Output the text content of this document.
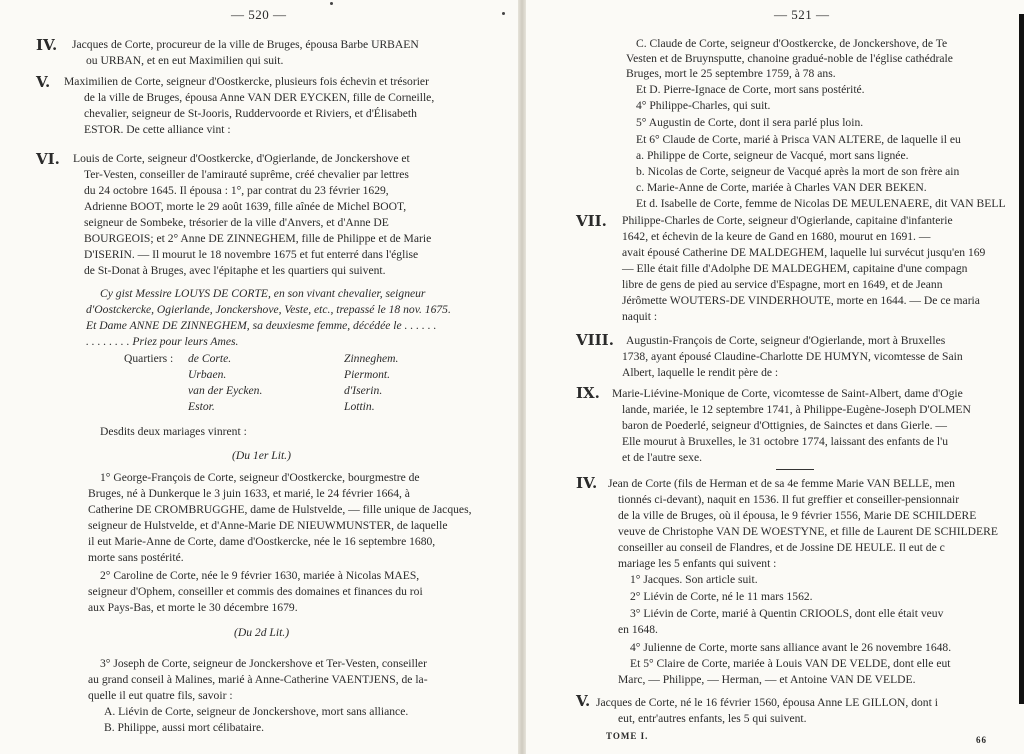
— 520 —
IV. Jacques de Corte, procureur de la ville de Bruges, épousa Barbe URBAEN

ou URBAN, et en eut Maximilien qui suit.

V. Maximilien de Corte, seigneur d'Oostkercke, plusieurs fois échevin et trésorier

de la ville de Bruges, épousa Anne VAN DER EYCKEN, fille de Corneille,

chevalier, seigneur de St-Jooris, Ruddervoorde et Riviers, et d'Élisabeth

ESTOR. De cette alliance vint :

VI. Louis de Corte, seigneur d'Oostkercke, d'Ogierlande, de Jonckershove et

Ter-Vesten, conseiller de l'amirauté suprême, créé chevalier par lettres

du 24 octobre 1645. Il épousa : 1°, par contrat du 23 février 1629,

Adrienne BOOT, morte le 29 août 1639, fille aînée de Michel BOOT,

seigneur de Sombeke, trésorier de la ville d'Anvers, et d'Anne DE

BOURGEOIS; et 2° Anne DE ZINNEGHEM, fille de Philippe et de Marie

D'ISERIN. — Il mourut le 18 novembre 1675 et fut enterré dans l'église

de St-Donat à Bruges, avec l'épitaphe et les quartiers qui suivent.

Cy gist Messire LOUYS DE CORTE, en son vivant chevalier, seigneur

d'Oostckercke, Ogierlande, Jonckershove, Veste, etc., trepassé le 18 nov. 1675.

Et Dame ANNE DE ZINNEGHEM, sa deuxiesme femme, décédée le . . . . . .

. . . . . . . . Priez pour leurs Ames.

Quartiers : de Corte.
Urbaen.
van der Eycken.
Estor.
Zinneghem.
Piermont.
d'Iserin.
Lottin.

Desdits deux mariages vinrent :

(Du 1er Lit.)

1° George-François de Corte, seigneur d'Oostkercke, bourgmestre de

Bruges, né à Dunkerque le 3 juin 1633, et marié, le 24 février 1664, à

Catherine DE CROMBRUGGHE, dame de Hulstvelde, — fille unique de Jacques,

seigneur de Hulstvelde, et d'Anne-Marie DE NIEUWMUNSTER, de laquelle

il eut Marie-Anne de Corte, dame d'Oostkercke, née le 16 septembre 1680,

morte sans postérité.

2° Caroline de Corte, née le 9 février 1630, mariée à Nicolas MAES,

seigneur d'Ophem, conseiller et commis des domaines et finances du roi

aux Pays-Bas, et morte le 30 décembre 1679.

(Du 2d Lit.)

3° Joseph de Corte, seigneur de Jonckershove et Ter-Vesten, conseiller

au grand conseil à Malines, marié à Anne-Catherine VAENTJENS, de la-

quelle il eut quatre fils, savoir :

A. Liévin de Corte, seigneur de Jonckershove, mort sans alliance.

B. Philippe, aussi mort célibataire.

— 521 —

C. Claude de Corte, seigneur d'Oostkercke, de Jonckershove, de Te

Vesten et de Bruynsputte, chanoine gradué-noble de l'église cathédrale

Bruges, mort le 25 septembre 1759, à 78 ans.

Et D. Pierre-Ignace de Corte, mort sans postérité.

4° Philippe-Charles, qui suit.

5° Augustin de Corte, dont il sera parlé plus loin.

Et 6° Claude de Corte, marié à Prisca VAN ALTERE, de laquelle il eu

a. Philippe de Corte, seigneur de Vacqué, mort sans lignée.

b. Nicolas de Corte, seigneur de Vacqué après la mort de son frère ain

c. Marie-Anne de Corte, mariée à Charles VAN DER BEKEN.

Et d. Isabelle de Corte, femme de Nicolas DE MEULENAERE, dit VAN BELL

VII. Philippe-Charles de Corte, seigneur d'Ogierlande, capitaine d'infanterie

1642, et échevin de la keure de Gand en 1680, mourut en 1691. —

avait épousé Catherine DE MALDEGHEM, laquelle lui survécut jusqu'en 169

— Elle était fille d'Adolphe DE MALDEGHEM, capitaine d'une compagn

libre de gens de pied au service d'Espagne, mort en 1649, et de Jeann

Jérômette WOUTERS-DE VINDERHOUTE, morte en 1644. — De ce maria

naquit :

VIII. Augustin-François de Corte, seigneur d'Ogierlande, mort à Bruxelles

1738, ayant épousé Claudine-Charlotte DE HUMYN, vicomtesse de Sain

Albert, laquelle le rendit père de :

IX. Marie-Liévine-Monique de Corte, vicomtesse de Saint-Albert, dame d'Ogie

lande, mariée, le 12 septembre 1741, à Philippe-Eugène-Joseph D'OLMEN

baron de Poederlé, seigneur d'Ottignies, de Sainctes et dans Gierle. —

Elle mourut à Bruxelles, le 31 octobre 1774, laissant des enfants de l'u

et de l'autre sexe.

IV. Jean de Corte (fils de Herman et de sa 4e femme Marie VAN BELLE, men

tionnés ci-devant), naquit en 1536. Il fut greffier et conseiller-pensionnair

de la ville de Bruges, où il épousa, le 9 février 1556, Marie DE SCHILDERE

veuve de Christophe VAN DE WOESTYNE, et fille de Laurent DE SCHILDERE

conseiller au conseil de Flandres, et de Jossine DE HEULE. Il eut de c

mariage les 5 enfants qui suivent :

1° Jacques. Son article suit.

2° Liévin de Corte, né le 11 mars 1562.

3° Liévin de Corte, marié à Quentin CRIOOLS, dont elle était veuv

en 1648.

4° Julienne de Corte, morte sans alliance avant le 26 novembre 1648.

Et 5° Claire de Corte, mariée à Louis VAN DE VELDE, dont elle eut

Marc, — Philippe, — Herman, — et Antoine VAN DE VELDE.

V. Jacques de Corte, né le 16 février 1560, épousa Anne LE GILLON, dont i

eut, entr'autres enfants, les 5 qui suivent.

TOME I.	66
